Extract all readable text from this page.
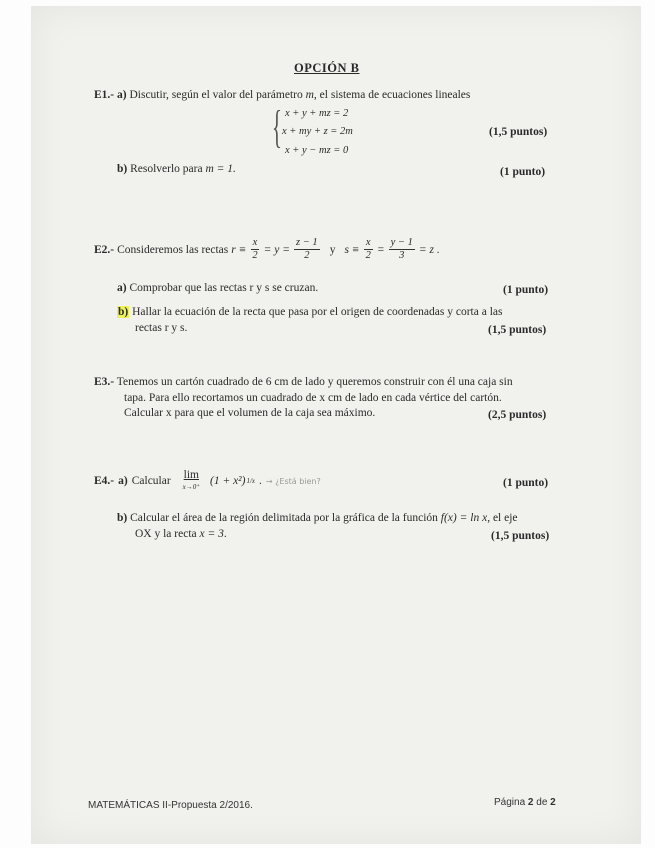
OPCIÓN B
E1.- a) Discutir, según el valor del parámetro m, el sistema de ecuaciones lineales
{ x + y + mz = 2
x + my + z = 2m
x + y − mz = 0
(1,5 puntos)
b) Resolverlo para m = 1.	(1 punto)
E2.- Consideremos las rectas $r \equiv \frac{x}{2} = y = \frac{z - 1}{2}$ y $s \equiv \frac{x}{2} = \frac{y - 1}{3} = z$ .
a) Comprobar que las rectas r y s se cruzan.	(1 punto)
b) Hallar la ecuación de la recta que pasa por el origen de coordenadas y corta a las
rectas r y s.	(1,5 puntos)
E3.- Tenemos un cartón cuadrado de 6 cm de lado y queremos construir con él una caja sin
tapa. Para ello recortamos un cuadrado de x cm de lado en cada vértice del cartón.
Calcular x para que el volumen de la caja sea máximo.	(2,5 puntos)
E4.- a) Calcular lim
x→0⁺ (1 + x²) 1/x . → ¿Está bien?	(1 punto)
b) Calcular el área de la región delimitada por la gráfica de la función f(x) = ln x, el eje
OX y la recta x = 3.	(1,5 puntos)
MATEMÁTICAS II-Propuesta 2/2016.	Página 2 de 2
